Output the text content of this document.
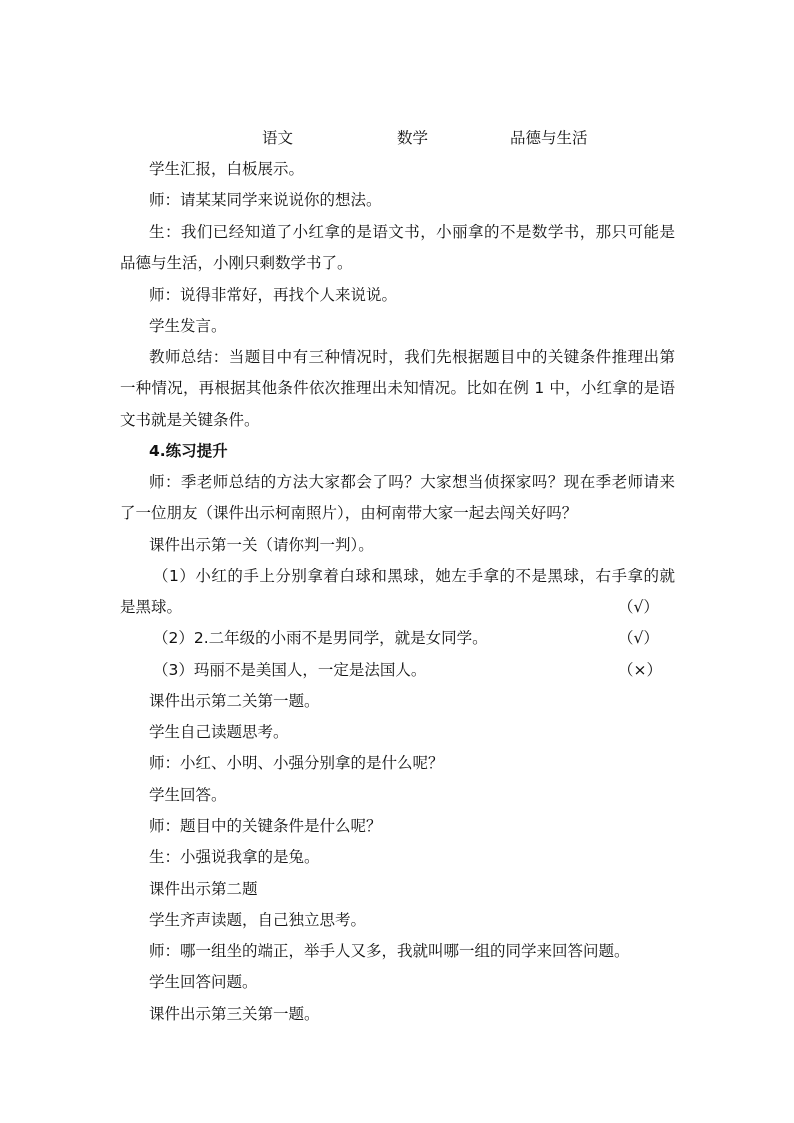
语文	数学	品德与生活
学生汇报，白板展示。
师：请某某同学来说说你的想法。
生：我们已经知道了小红拿的是语文书，小丽拿的不是数学书，那只可能是
品德与生活，小刚只剩数学书了。
师：说得非常好，再找个人来说说。
学生发言。
教师总结：当题目中有三种情况时，我们先根据题目中的关键条件推理出第
一种情况，再根据其他条件依次推理出未知情况。比如在例 1 中，小红拿的是语
文书就是关键条件。
4.练习提升
师：季老师总结的方法大家都会了吗？大家想当侦探家吗？现在季老师请来
了一位朋友（课件出示柯南照片），由柯南带大家一起去闯关好吗？
课件出示第一关（请你判一判）。
（1）小红的手上分别拿着白球和黑球，她左手拿的不是黑球，右手拿的就
是黑球。	（√）
（2）2.二年级的小雨不是男同学，就是女同学。	（√）
（3）玛丽不是美国人，一定是法国人。	（×）
课件出示第二关第一题。
学生自己读题思考。
师：小红、小明、小强分别拿的是什么呢？
学生回答。
师：题目中的关键条件是什么呢？
生：小强说我拿的是兔。
课件出示第二题
学生齐声读题，自己独立思考。
师：哪一组坐的端正，举手人又多，我就叫哪一组的同学来回答问题。
学生回答问题。
课件出示第三关第一题。
